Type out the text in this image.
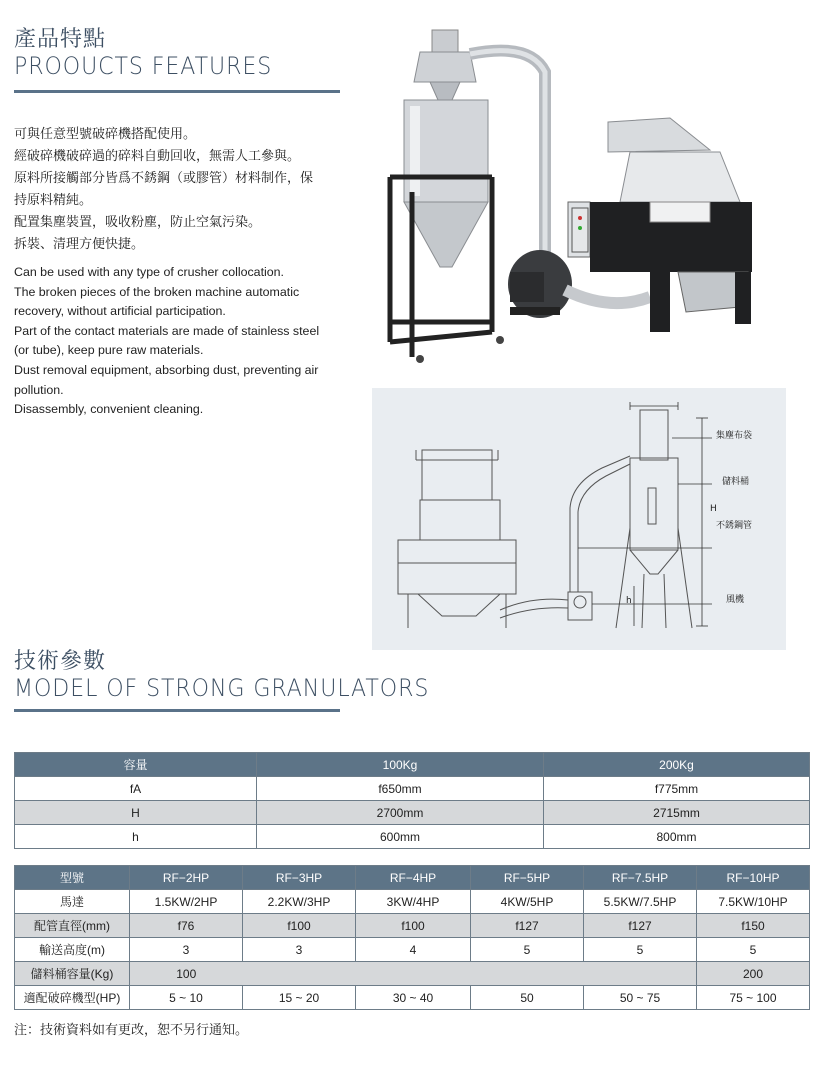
產品特點
PROOUCTS FEATURES
可與任意型號破碎機搭配使用。
經破碎機破碎過的碎料自動回收，無需人工參與。
原料所接觸部分皆爲不銹鋼（或膠管）材料制作，保
持原料精純。
配置集塵裝置，吸收粉塵，防止空氣污染。
拆裝、清理方便快捷。
Can be used with any type of crusher collocation.
The broken pieces of the broken machine automatic
recovery, without artificial participation.
Part of the contact materials are made of stainless steel
(or tube), keep pure raw materials.
Dust removal equipment, absorbing dust, preventing air
pollution.
Disassembly, convenient cleaning.
集塵布袋
儲料桶
H
不銹鋼管
風機
h
技術參數
MODEL OF STRONG GRANULATORS
容量	100Kg	200Kg
fA	f650mm	f775mm
H	2700mm	2715mm
h	600mm	800mm
型號	RF−2HP	RF−3HP	RF−4HP	RF−5HP	RF−7.5HP	RF−10HP
馬達	1.5KW/2HP	2.2KW/3HP	3KW/4HP	4KW/5HP	5.5KW/7.5HP	7.5KW/10HP
配管直徑(mm)	f76	f100	f100	f127	f127	f150
輸送高度(m)	3	3	4	5	5	5
儲料桶容量(Kg)	100					200
適配破碎機型(HP)	5 ~ 10	15 ~ 20	30 ~ 40	50	50 ~ 75	75 ~ 100
注：技術資料如有更改，恕不另行通知。
